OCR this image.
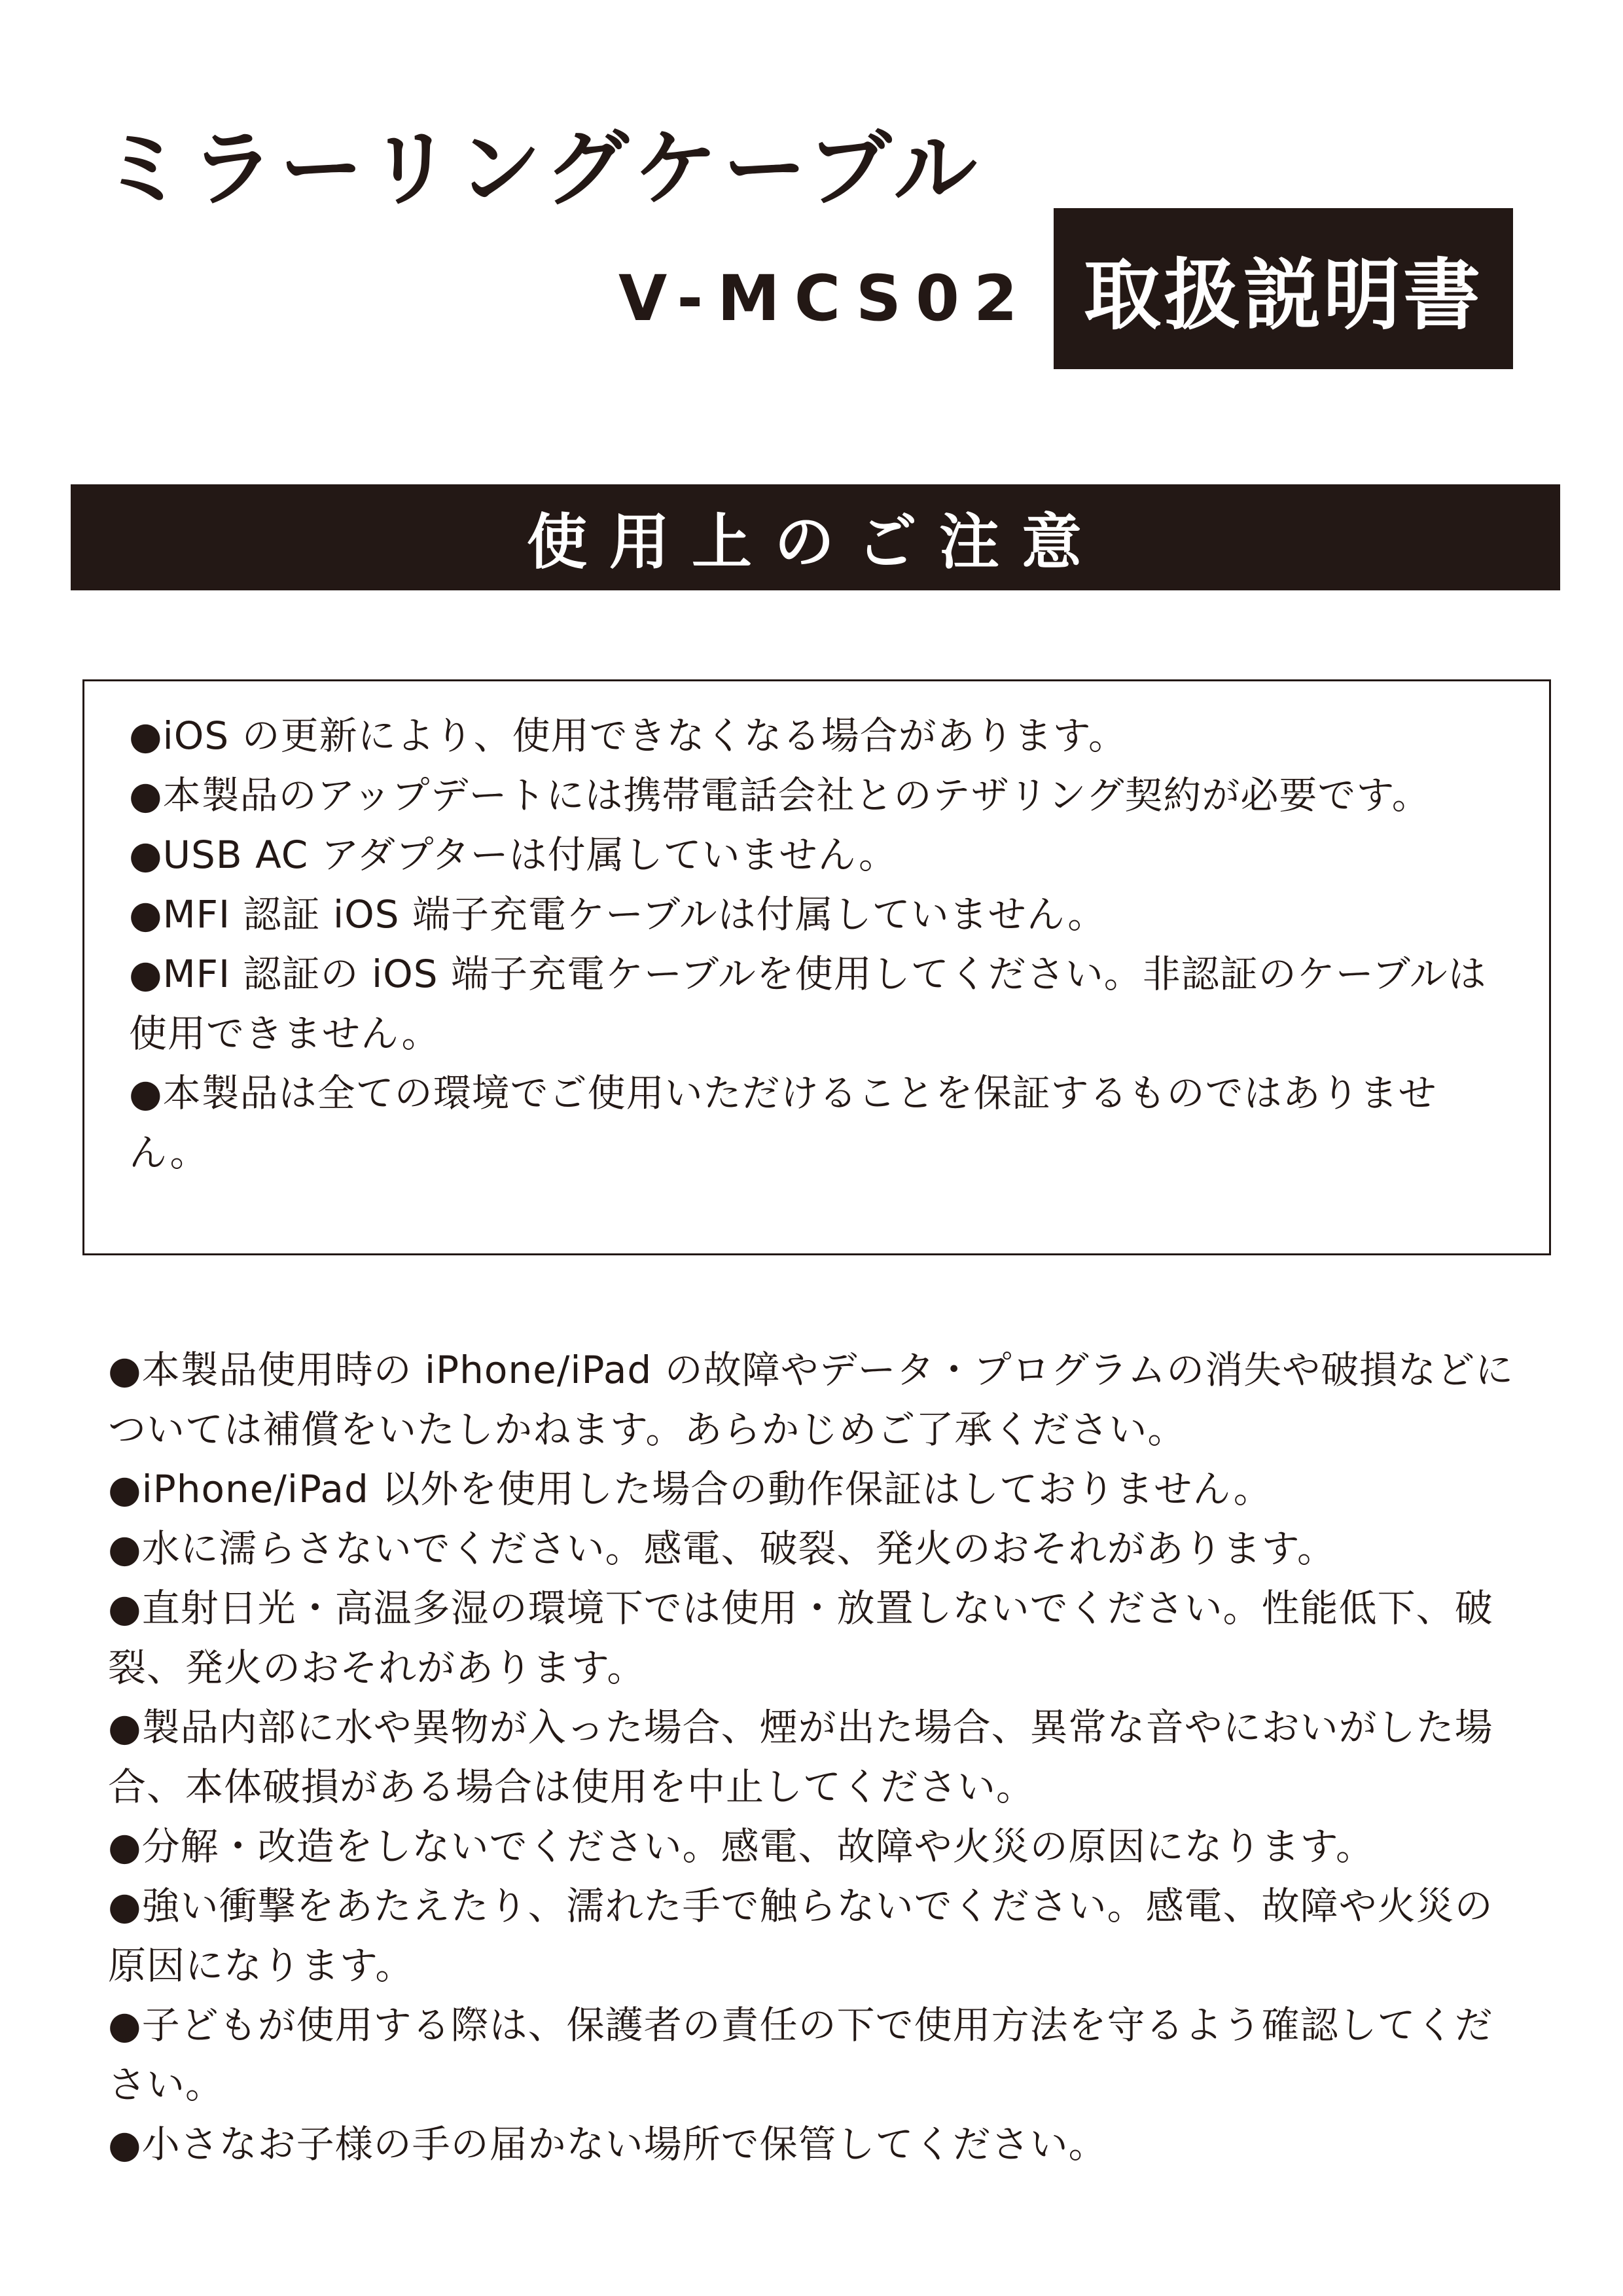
ミラーリングケーブル
V-MCS02 取扱説明書
使用上のご注意
●iOS の更新により、使用できなくなる場合があります。
●本製品のアップデートには携帯電話会社とのテザリング契約が必要です。
●USB AC アダプターは付属していません。
●MFI 認証 iOS 端子充電ケーブルは付属していません。
●MFI 認証の iOS 端子充電ケーブルを使用してください。非認証のケーブルは使用できません。
●本製品は全ての環境でご使用いただけることを保証するものではありません。
●本製品使用時の iPhone/iPad の故障やデータ・プログラムの消失や破損などについては補償をいたしかねます。あらかじめご了承ください。
●iPhone/iPad 以外を使用した場合の動作保証はしておりません。
●水に濡らさないでください。感電、破裂、発火のおそれがあります。
●直射日光・高温多湿の環境下では使用・放置しないでください。性能低下、破裂、発火のおそれがあります。
●製品内部に水や異物が入った場合、煙が出た場合、異常な音やにおいがした場合、本体破損がある場合は使用を中止してください。
●分解・改造をしないでください。感電、故障や火災の原因になります。
●強い衝撃をあたえたり、濡れた手で触らないでください。感電、故障や火災の原因になります。
●子どもが使用する際は、保護者の責任の下で使用方法を守るよう確認してください。
●小さなお子様の手の届かない場所で保管してください。
